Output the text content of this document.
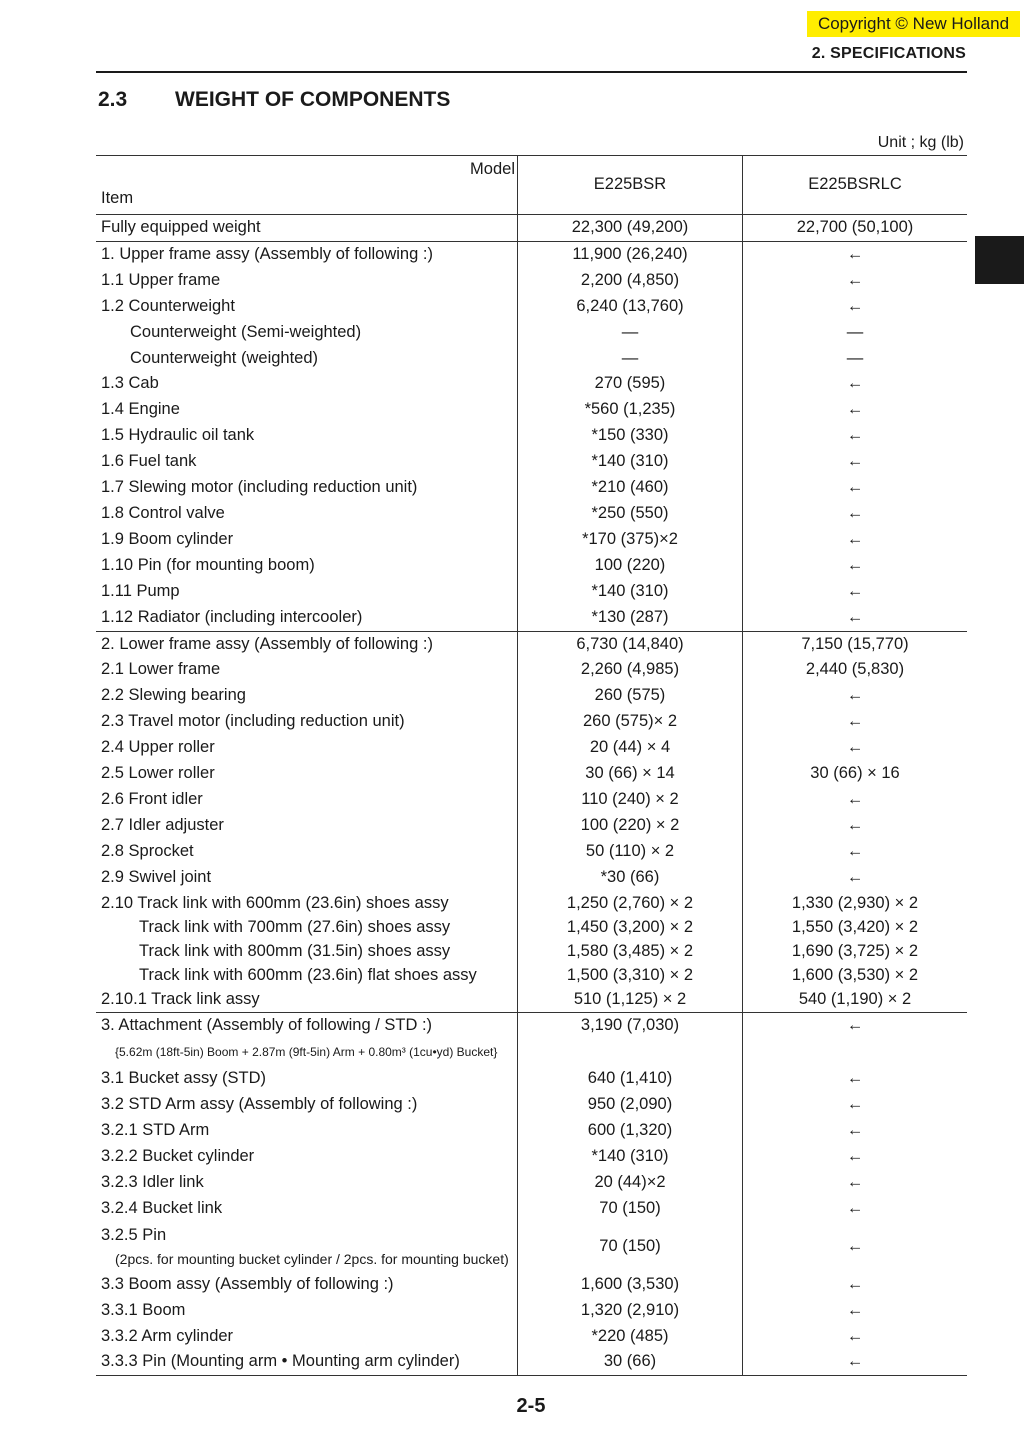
Copyright © New Holland
2. SPECIFICATIONS
2.3 WEIGHT OF COMPONENTS
Unit ; kg (lb)
Model
Item	E225BSR	E225BSRLC
Fully equipped weight	22,300 (49,200)	22,700 (50,100)
1. Upper frame assy (Assembly of following :)	11,900 (26,240)	←
1.1 Upper frame	2,200 (4,850)	←
1.2 Counterweight	6,240 (13,760)	←
Counterweight (Semi-weighted)	—	—
Counterweight (weighted)	—	—
1.3 Cab	270 (595)	←
1.4 Engine	*560 (1,235)	←
1.5 Hydraulic oil tank	*150 (330)	←
1.6 Fuel tank	*140 (310)	←
1.7 Slewing motor (including reduction unit)	*210 (460)	←
1.8 Control valve	*250 (550)	←
1.9 Boom cylinder	*170 (375)×2	←
1.10 Pin (for mounting boom)	100 (220)	←
1.11 Pump	*140 (310)	←
1.12 Radiator (including intercooler)	*130 (287)	←
2. Lower frame assy (Assembly of following :)	6,730 (14,840)	7,150 (15,770)
2.1 Lower frame	2,260 (4,985)	2,440 (5,830)
2.2 Slewing bearing	260 (575)	←
2.3 Travel motor (including reduction unit)	260 (575)× 2	←
2.4 Upper roller	20 (44) × 4	←
2.5 Lower roller	30 (66) × 14	30 (66) × 16
2.6 Front idler	110 (240) × 2	←
2.7 Idler adjuster	100 (220) × 2	←
2.8 Sprocket	50 (110) × 2	←
2.9 Swivel joint	*30 (66)	←
2.10 Track link with 600mm (23.6in) shoes assy	1,250 (2,760) × 2	1,330 (2,930) × 2
Track link with 700mm (27.6in) shoes assy	1,450 (3,200) × 2	1,550 (3,420) × 2
Track link with 800mm (31.5in) shoes assy	1,580 (3,485) × 2	1,690 (3,725) × 2
Track link with 600mm (23.6in) flat shoes assy	1,500 (3,310) × 2	1,600 (3,530) × 2
2.10.1 Track link assy	510 (1,125) × 2	540 (1,190) × 2
3. Attachment (Assembly of following / STD :)	3,190 (7,030)	←
{5.62m (18ft-5in) Boom + 2.87m (9ft-5in) Arm + 0.80m³ (1cu•yd) Bucket}		
3.1 Bucket assy (STD)	640 (1,410)	←
3.2 STD Arm assy (Assembly of following :)	950 (2,090)	←
3.2.1 STD Arm	600 (1,320)	←
3.2.2 Bucket cylinder	*140 (310)	←
3.2.3 Idler link	20 (44)×2	←
3.2.4 Bucket link	70 (150)	←

3.2.5 Pin
(2pcs. for mounting bucket cylinder / 2pcs. for mounting bucket)	70 (150)	←
3.3 Boom assy (Assembly of following :)	1,600 (3,530)	←
3.3.1 Boom	1,320 (2,910)	←
3.3.2 Arm cylinder	*220 (485)	←
3.3.3 Pin (Mounting arm • Mounting arm cylinder)	30 (66)	←
2-5
